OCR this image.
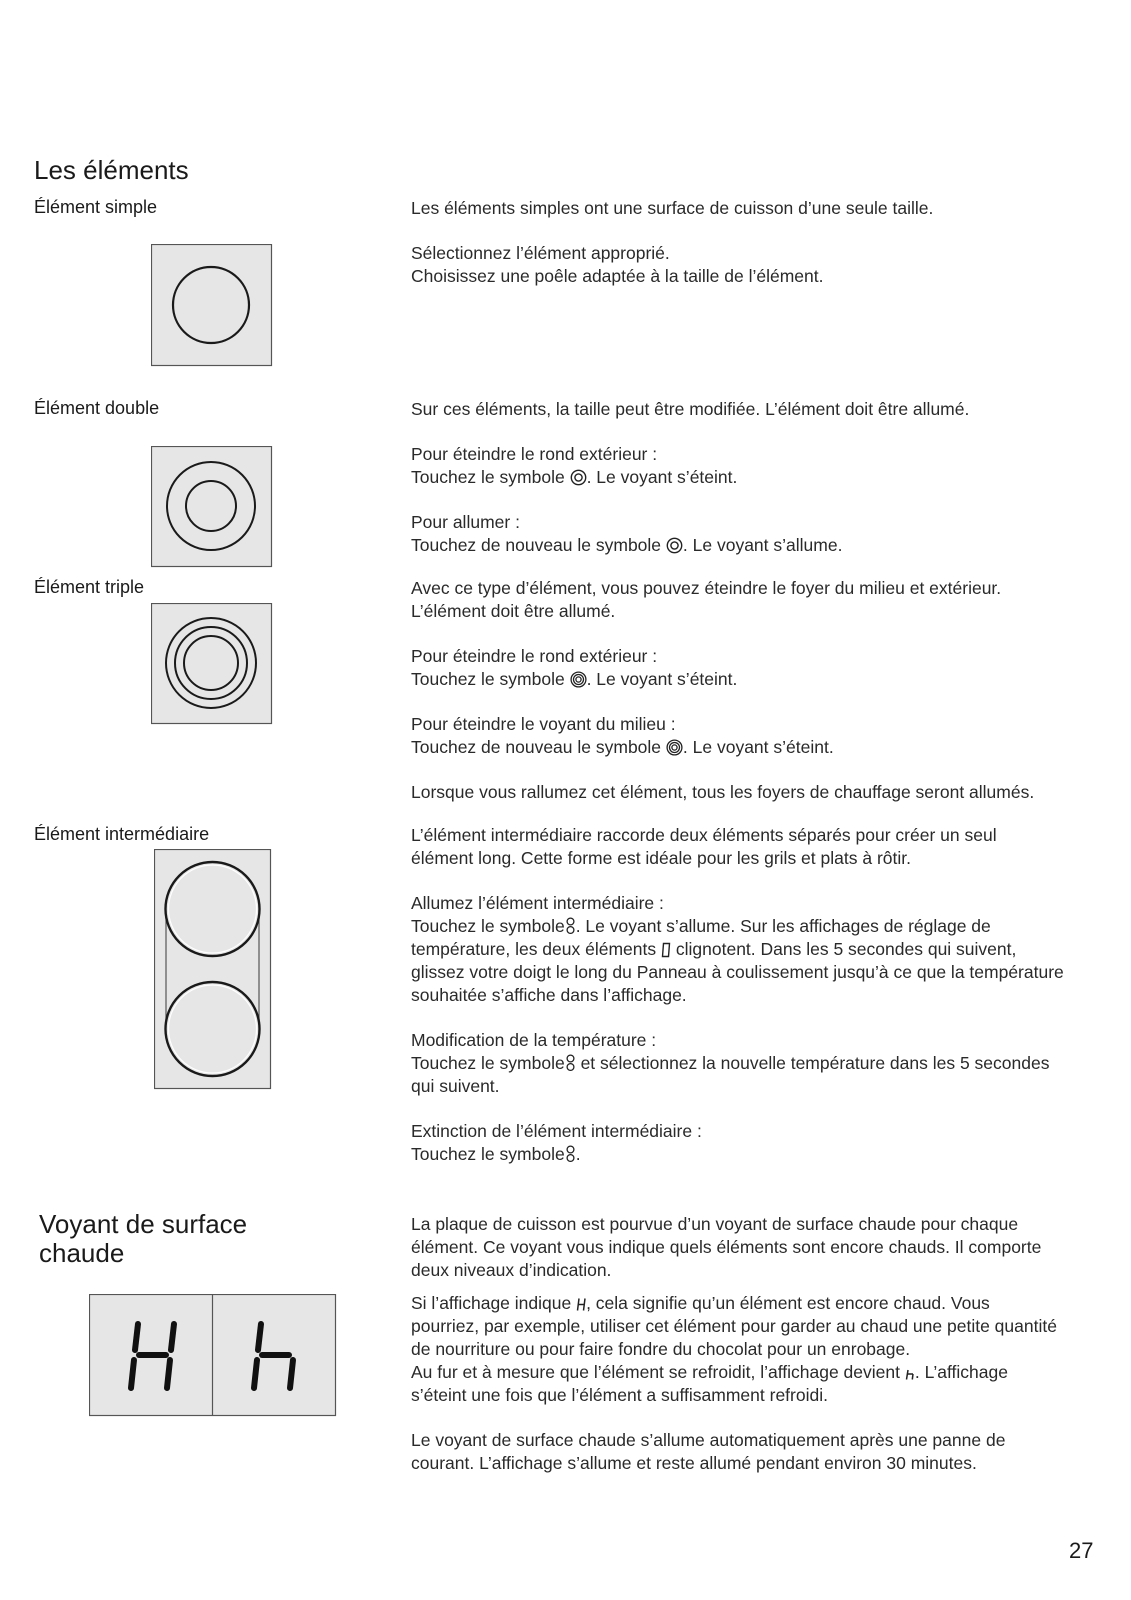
Les éléments

Élément simple	Les éléments simples ont une surface de cuisson d’une seule taille.
Sélectionnez l’élément approprié.
Choisissez une poêle adaptée à la taille de l’élément.

Élément double	Sur ces éléments, la taille peut être modifiée. L’élément doit être allumé.
Pour éteindre le rond extérieur :
Touchez le symbole . Le voyant s’éteint.
Pour allumer :
Touchez de nouveau le symbole . Le voyant s’allume.

Élément triple	Avec ce type d’élément, vous pouvez éteindre le foyer du milieu et extérieur.
L’élément doit être allumé.
Pour éteindre le rond extérieur :
Touchez le symbole . Le voyant s’éteint.
Pour éteindre le voyant du milieu :
Touchez de nouveau le symbole . Le voyant s’éteint.
Lorsque vous rallumez cet élément, tous les foyers de chauffage seront allumés.

Élément intermédiaire	L’élément intermédiaire raccorde deux éléments séparés pour créer un seul
élément long. Cette forme est idéale pour les grils et plats à rôtir.
Allumez l’élément intermédiaire :
Touchez le symbole . Le voyant s’allume. Sur les affichages de réglage de
température, les deux éléments  clignotent. Dans les 5 secondes qui suivent,
glissez votre doigt le long du Panneau à coulissement jusqu’à ce que la température
souhaitée s’affiche dans l’affichage.
Modification de la température :
Touchez le symbole et sélectionnez la nouvelle température dans les 5 secondes
qui suivent.
Extinction de l’élément intermédiaire :
Touchez le symbole .
Voyant de surface
chaude
La plaque de cuisson est pourvue d’un voyant de surface chaude pour chaque
élément. Ce voyant vous indique quels éléments sont encore chauds. Il comporte
deux niveaux d’indication.
Si l’affichage indique , cela signifie qu’un élément est encore chaud. Vous
pourriez, par exemple, utiliser cet élément pour garder au chaud une petite quantité
de nourriture ou pour faire fondre du chocolat pour un enrobage.
Au fur et à mesure que l’élément se refroidit, l’affichage devient . L’affichage
s’éteint une fois que l’élément a suffisamment refroidi.
Le voyant de surface chaude s’allume automatiquement après une panne de
courant. L’affichage s’allume et reste allumé pendant environ 30 minutes.
27
